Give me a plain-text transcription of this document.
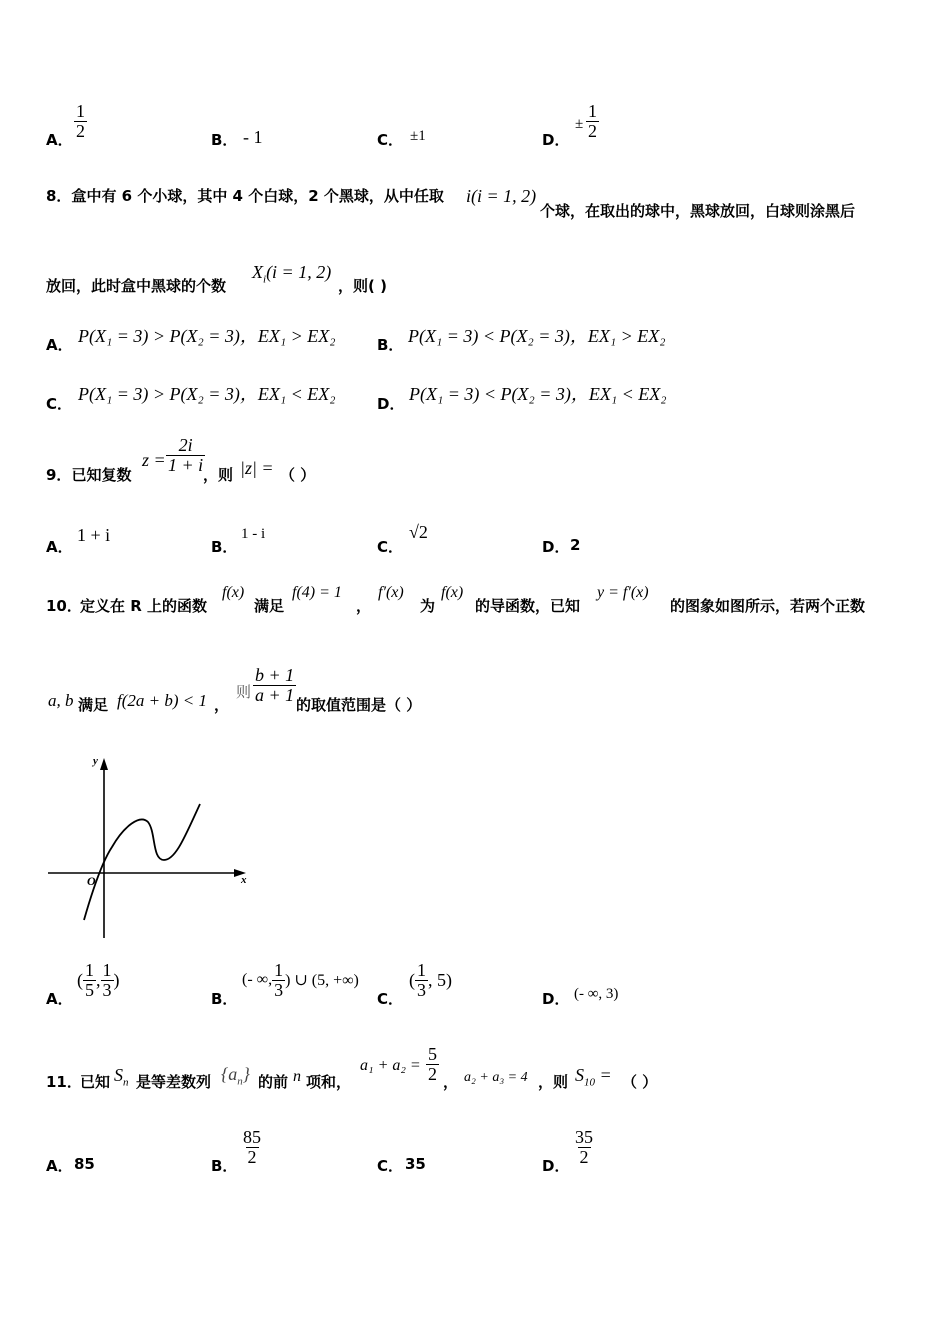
A． $\frac{1}{2}$	B． - 1	C． ±1	D．
± $\frac{1}{2}$
8．盒中有 6 个小球，其中 4 个白球，2 个黑球，从中任取 i(i = 1, 2)
个球，在取出的球中，黑球放回，白球则涂黑后
放回，此时盒中黑球的个数
$X_i(i = 1$, 2)
，则( )
A． P(X₁ = 3) > P(X₂ = 3)，EX₁ > EX₂	B． P(X₁ = 3) < P(X₂ = 3)，EX₁ > EX₂
C． P(X₁ = 3) > P(X₂ = 3)，EX₁ < EX₂	D． P(X₁ = 3) < P(X₂ = 3)，EX₁ < EX₂
9．已知复数
$z = \frac{2i}{1 + i}$
，则 |z| = （ ）
A．
1 + i
B．
1 - i
C．
√2
D． 2
10．
定义在 R 上的函数
f(x)
满足
f(4) = 1
，
f′(x)
为
f(x)
的导函数，已知
y = f′(x)
的图象如图所示，若两个正数
a, b 满足 f(2a + b) < 1 ，
则 $\frac{b + 1}{a + 1}$
的取值范围是（ ）
y
x
O
A．
( $\frac{1}{5}$ , $\frac{1}{3}$ )
B．
(- ∞, $\frac{1}{3}$ ) ∪ (5, +∞)
C．
( $\frac{1}{3}$ , 5)
D． (- ∞, 3)
11．
已知 $S_n$ 是等差数列 $\{a_n\}$ 的前 n 项和，
$a_1 + a_2 = \frac{5}{2}$ ， a₂ + a₃ = 4 ，则 $S_{10}$ = （ ）
A． 85	B． $\frac{85}{2}$	C． 35	D． $\frac{35}{2}$
